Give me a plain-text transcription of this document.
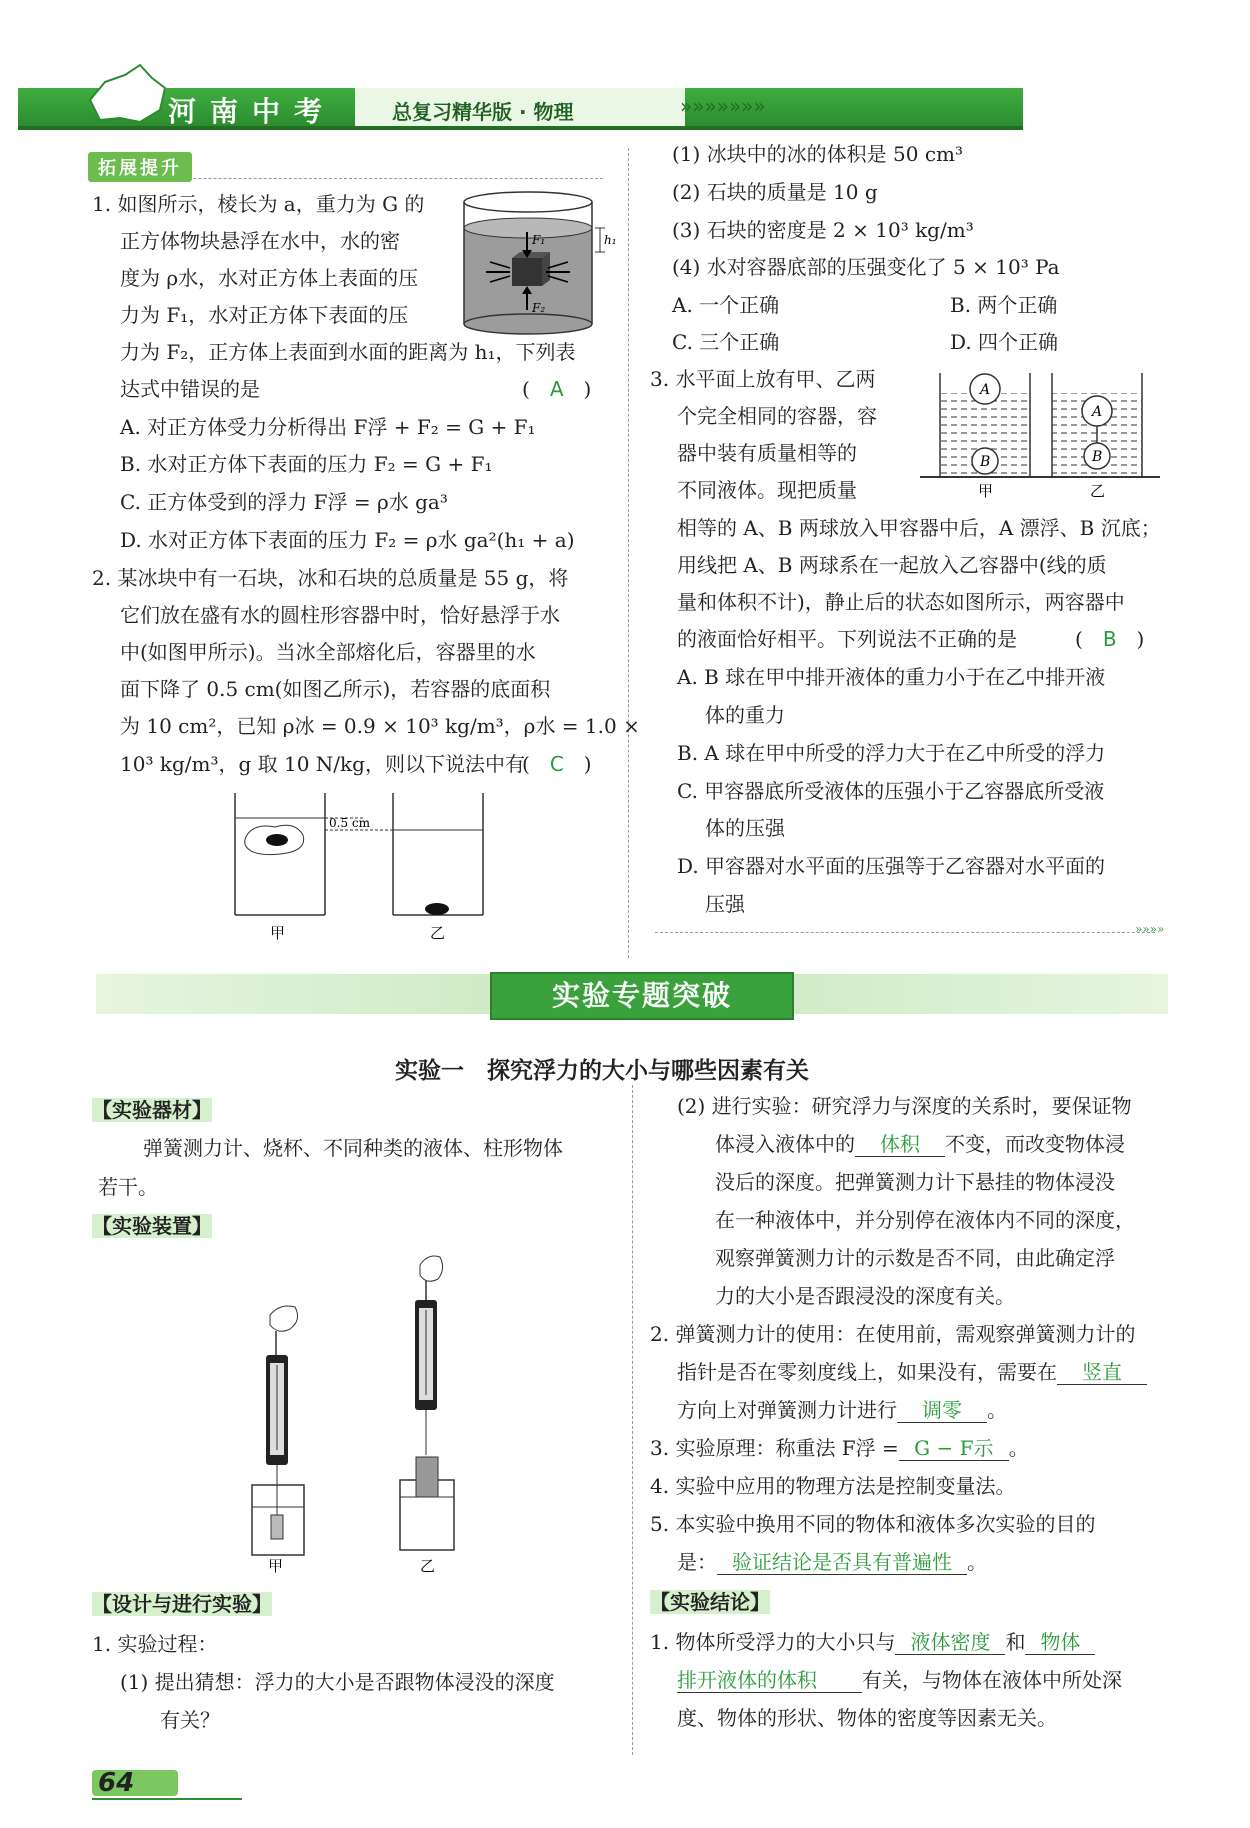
河南中考	总复习精华版 · 物理	»»»»»»»
»»»»
拓展提升
1. 如图所示，棱长为 a，重力为 G 的
正方体物块悬浮在水中，水的密
度为 ρ水，水对正方体上表面的压
力为 F₁，水对正方体下表面的压
力为 F₂，正方体上表面到水面的距离为 h₁，下列表
达式中错误的是	(　A　)
A. 对正方体受力分析得出 F浮 + F₂ = G + F₁
B. 水对正方体下表面的压力 F₂ = G + F₁
C. 正方体受到的浮力 F浮 = ρ水 ga³
D. 水对正方体下表面的压力 F₂ = ρ水 ga²(h₁ + a)
F₁
F₂
h₁
2. 某冰块中有一石块，冰和石块的总质量是 55 g，将
它们放在盛有水的圆柱形容器中时，恰好悬浮于水
中(如图甲所示)。当冰全部熔化后，容器里的水
面下降了 0.5 cm(如图乙所示)，若容器的底面积
为 10 cm²，已知 ρ冰 = 0.9 × 10³ kg/m³，ρ水 = 1.0 ×
10³ kg/m³，g 取 10 N/kg，则以下说法中有
(　C　)
0.5 cm
甲	乙
(1) 冰块中的冰的体积是 50 cm³
(2) 石块的质量是 10 g
(3) 石块的密度是 2 × 10³ kg/m³
(4) 水对容器底部的压强变化了 5 × 10³ Pa
A. 一个正确	B. 两个正确
C. 三个正确	D. 四个正确
3. 水平面上放有甲、乙两
个完全相同的容器，容
器中装有质量相等的
不同液体。现把质量
相等的 A、B 两球放入甲容器中后，A 漂浮、B 沉底；
用线把 A、B 两球系在一起放入乙容器中(线的质
量和体积不计)，静止后的状态如图所示，两容器中
的液面恰好相平。下列说法不正确的是	(　B　)
A. B 球在甲中排开液体的重力小于在乙中排开液
体的重力
B. A 球在甲中所受的浮力大于在乙中所受的浮力
C. 甲容器底所受液体的压强小于乙容器底所受液
体的压强
D. 甲容器对水平面的压强等于乙容器对水平面的
压强
A
B
A
B
甲	乙
实验专题突破
实验一　探究浮力的大小与哪些因素有关
【实验器材】
弹簧测力计、烧杯、不同种类的液体、柱形物体
若干。
【实验装置】
甲	乙
【设计与进行实验】
1. 实验过程：
(1) 提出猜想：浮力的大小是否跟物体浸没的深度
有关？
(2) 进行实验：研究浮力与深度的关系时，要保证物
体浸入液体中的 体积 不变，而改变物体浸
没后的深度。把弹簧测力计下悬挂的物体浸没
在一种液体中，并分别停在液体内不同的深度，
观察弹簧测力计的示数是否不同，由此确定浮
力的大小是否跟浸没的深度有关。
2. 弹簧测力计的使用：在使用前，需观察弹簧测力计的
指针是否在零刻度线上，如果没有，需要在 竖直
方向上对弹簧测力计进行 调零 。
3. 实验原理：称重法 F浮 = G − F示 。
4. 实验中应用的物理方法是控制变量法。
5. 本实验中换用不同的物体和液体多次实验的目的
是： 验证结论是否具有普遍性 。
【实验结论】
1. 物体所受浮力的大小只与 液体密度 和 物体
排开液体的体积 有关，与物体在液体中所处深
度、物体的形状、物体的密度等因素无关。
64
